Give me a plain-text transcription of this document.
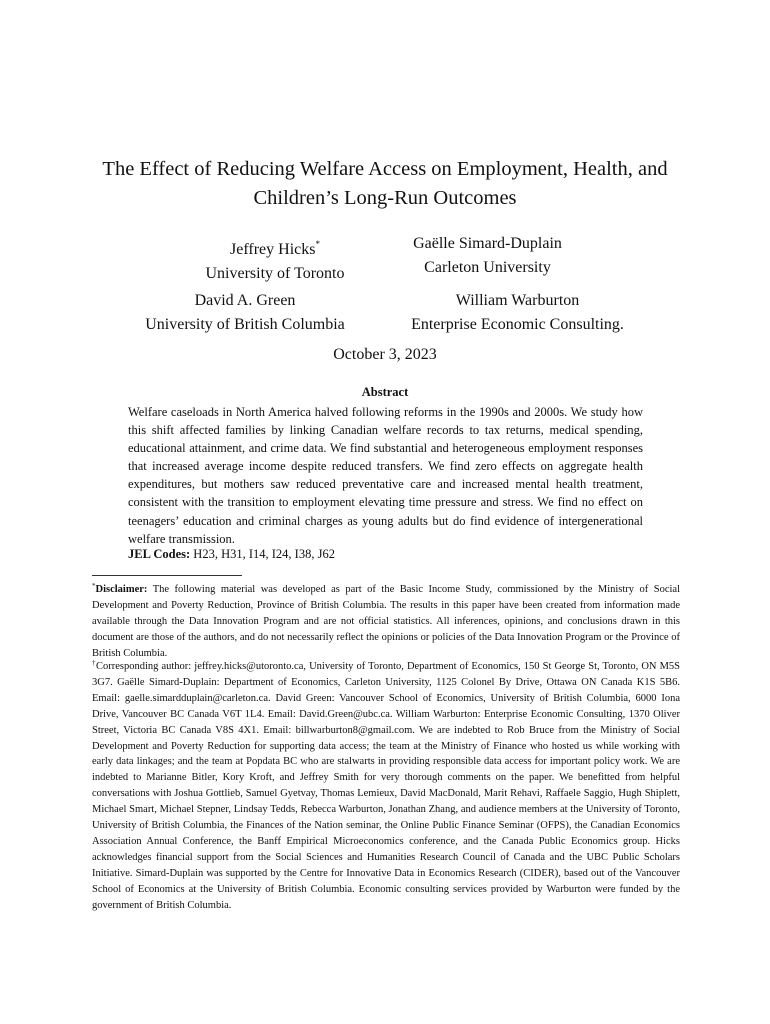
The Effect of Reducing Welfare Access on Employment, Health, and Children’s Long-Run Outcomes
Jeffrey Hicks*
University of Toronto
Gaëlle Simard-Duplain
Carleton University
David A. Green
University of British Columbia
William Warburton
Enterprise Economic Consulting.
October 3, 2023
Abstract

Welfare caseloads in North America halved following reforms in the 1990s and 2000s. We study how this shift affected families by linking Canadian welfare records to tax returns, medical spending, educational attainment, and crime data. We find substantial and heterogeneous employment responses that increased average income despite reduced transfers. We find zero effects on aggregate health expenditures, but mothers saw reduced preventative care and increased mental health treatment, consistent with the transition to employment elevating time pressure and stress. We find no effect on teenagers’ education and criminal charges as young adults but do find evidence of intergenerational welfare transmission.

JEL Codes: H23, H31, I14, I24, I38, J62

*Disclaimer: The following material was developed as part of the Basic Income Study, commissioned by the Ministry of Social Development and Poverty Reduction, Province of British Columbia. The results in this paper have been created from information made available through the Data Innovation Program and are not official statistics. All inferences, opinions, and conclusions drawn in this document are those of the authors, and do not necessarily reflect the opinions or policies of the Data Innovation Program or the Province of British Columbia.

†Corresponding author: jeffrey.hicks@utoronto.ca, University of Toronto, Department of Economics, 150 St George St, Toronto, ON M5S 3G7. Gaëlle Simard-Duplain: Department of Economics, Carleton University, 1125 Colonel By Drive, Ottawa ON Canada K1S 5B6. Email: gaelle.simardduplain@carleton.ca. David Green: Vancouver School of Economics, University of British Columbia, 6000 Iona Drive, Vancouver BC Canada V6T 1L4. Email: David.Green@ubc.ca. William Warburton: Enterprise Economic Consulting, 1370 Oliver Street, Victoria BC Canada V8S 4X1. Email: billwarburton8@gmail.com. We are indebted to Rob Bruce from the Ministry of Social Development and Poverty Reduction for supporting data access; the team at the Ministry of Finance who hosted us while working with early data linkages; and the team at Popdata BC who are stalwarts in providing responsible data access for important policy work. We are indebted to Marianne Bitler, Kory Kroft, and Jeffrey Smith for very thorough comments on the paper. We benefitted from helpful conversations with Joshua Gottlieb, Samuel Gyetvay, Thomas Lemieux, David MacDonald, Marit Rehavi, Raffaele Saggio, Hugh Shiplett, Michael Smart, Michael Stepner, Lindsay Tedds, Rebecca Warburton, Jonathan Zhang, and audience members at the University of Toronto, University of British Columbia, the Finances of the Nation seminar, the Online Public Finance Seminar (OFPS), the Canadian Economics Association Annual Conference, the Banff Empirical Microeconomics conference, and the Canada Public Economics group. Hicks acknowledges financial support from the Social Sciences and Humanities Research Council of Canada and the UBC Public Scholars Initiative. Simard-Duplain was supported by the Centre for Innovative Data in Economics Research (CIDER), based out of the Vancouver School of Economics at the University of British Columbia. Economic consulting services provided by Warburton were funded by the government of British Columbia.
